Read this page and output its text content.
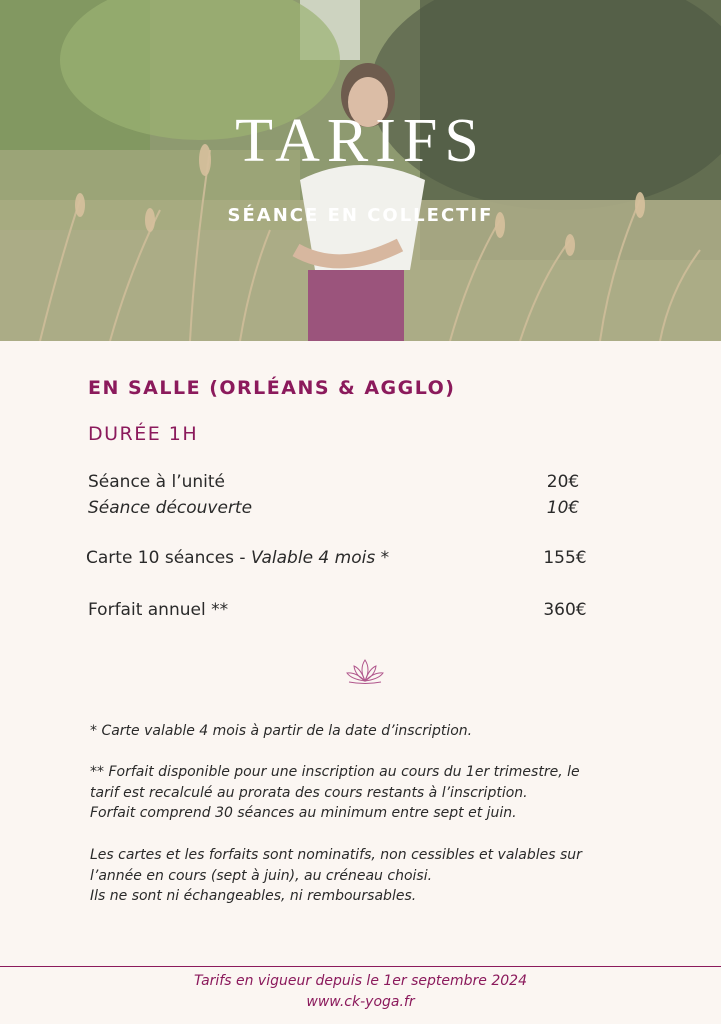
TARIFS
SÉANCE EN COLLECTIF
EN SALLE (ORLÉANS & AGGLO)
DURÉE 1H
Séance à l’unité	20€
Séance découverte	10€
Carte 10 séances - Valable 4 mois *	155€
Forfait annuel **	360€
* Carte valable 4 mois à partir de la date d’inscription.
** Forfait disponible pour une inscription au cours du 1er trimestre, le
tarif est recalculé au prorata des cours restants à l’inscription.
Forfait comprend 30 séances au minimum entre sept et juin.
Les cartes et les forfaits sont nominatifs, non cessibles et valables sur
l’année en cours (sept à juin), au créneau choisi.
Ils ne sont ni échangeables, ni remboursables.
Tarifs en vigueur depuis le 1er septembre 2024
www.ck-yoga.fr
